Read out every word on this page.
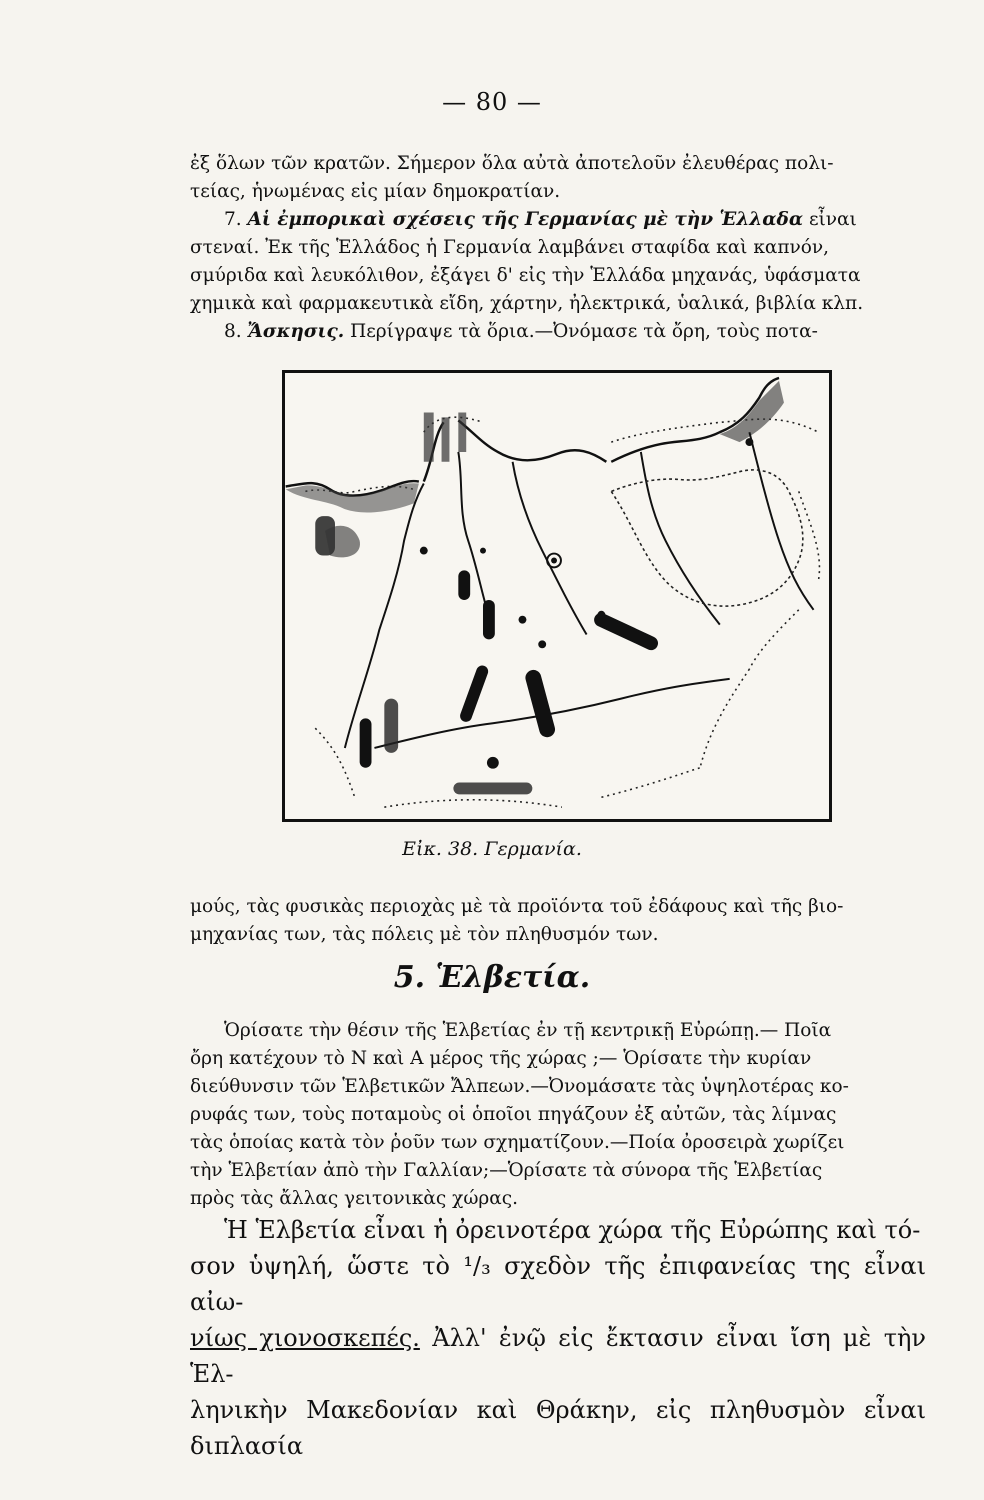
— 80 —

ἐξ ὅλων τῶν κρατῶν. Σήμερον ὅλα αὐτὰ ἀποτελοῦν ἐλευθέρας πολι-

τείας, ἡνωμένας εἰς μίαν δημοκρατίαν.

7. Αἱ ἐμπορικαὶ σχέσεις τῆς Γερμανίας μὲ τὴν Ἑλλαδα εἶναι

στεναί. Ἐκ τῆς Ἑλλάδος ἡ Γερμανία λαμβάνει σταφίδα καὶ καπνόν,

σμύριδα καὶ λευκόλιθον, ἐξάγει δ' εἰς τὴν Ἑλλάδα μηχανάς, ὑφάσματα

χημικὰ καὶ φαρμακευτικὰ εἴδη, χάρτην, ἠλεκτρικά, ὑαλικά, βιβλία κλπ.

8. Ἄσκησις. Περίγραψε τὰ ὅρια.—Ὀνόμασε τὰ ὄρη, τοὺς ποτα-

Εἰκ. 38. Γερμανία.

μούς, τὰς φυσικὰς περιοχὰς μὲ τὰ προϊόντα τοῦ ἐδάφους καὶ τῆς βιο-

μηχανίας των, τὰς πόλεις μὲ τὸν πληθυσμόν των.

5. Ἑλβετία.

Ὁρίσατε τὴν θέσιν τῆς Ἑλβετίας ἐν τῇ κεντρικῇ Εὐρώπῃ.— Ποῖα

ὄρη κατέχουν τὸ Ν καὶ Α μέρος τῆς χώρας ;— Ὁρίσατε τὴν κυρίαν

διεύθυνσιν τῶν Ἑλβετικῶν Ἄλπεων.—Ὀνομάσατε τὰς ὑψηλοτέρας κο-

ρυφάς των, τοὺς ποταμοὺς οἱ ὁποῖοι πηγάζουν ἐξ αὐτῶν, τὰς λίμνας

τὰς ὁποίας κατὰ τὸν ῥοῦν των σχηματίζουν.—Ποία ὀροσειρὰ χωρίζει

τὴν Ἑλβετίαν ἀπὸ τὴν Γαλλίαν;—Ὁρίσατε τὰ σύνορα τῆς Ἑλβετίας

πρὸς τὰς ἄλλας γειτονικὰς χώρας.

Ἡ Ἑλβετία εἶναι ἡ ὀρεινοτέρα χώρα τῆς Εὐρώπης καὶ τό-

σον ὑψηλή, ὥστε τὸ ¹/₃ σχεδὸν τῆς ἐπιφανείας της εἶναι αἰω-

νίως χιονοσκεπές. Ἀλλ' ἐνῷ εἰς ἔκτασιν εἶναι ἴση μὲ τὴν Ἑλ-

ληνικὴν Μακεδονίαν καὶ Θράκην, εἰς πληθυσμὸν εἶναι διπλασία
